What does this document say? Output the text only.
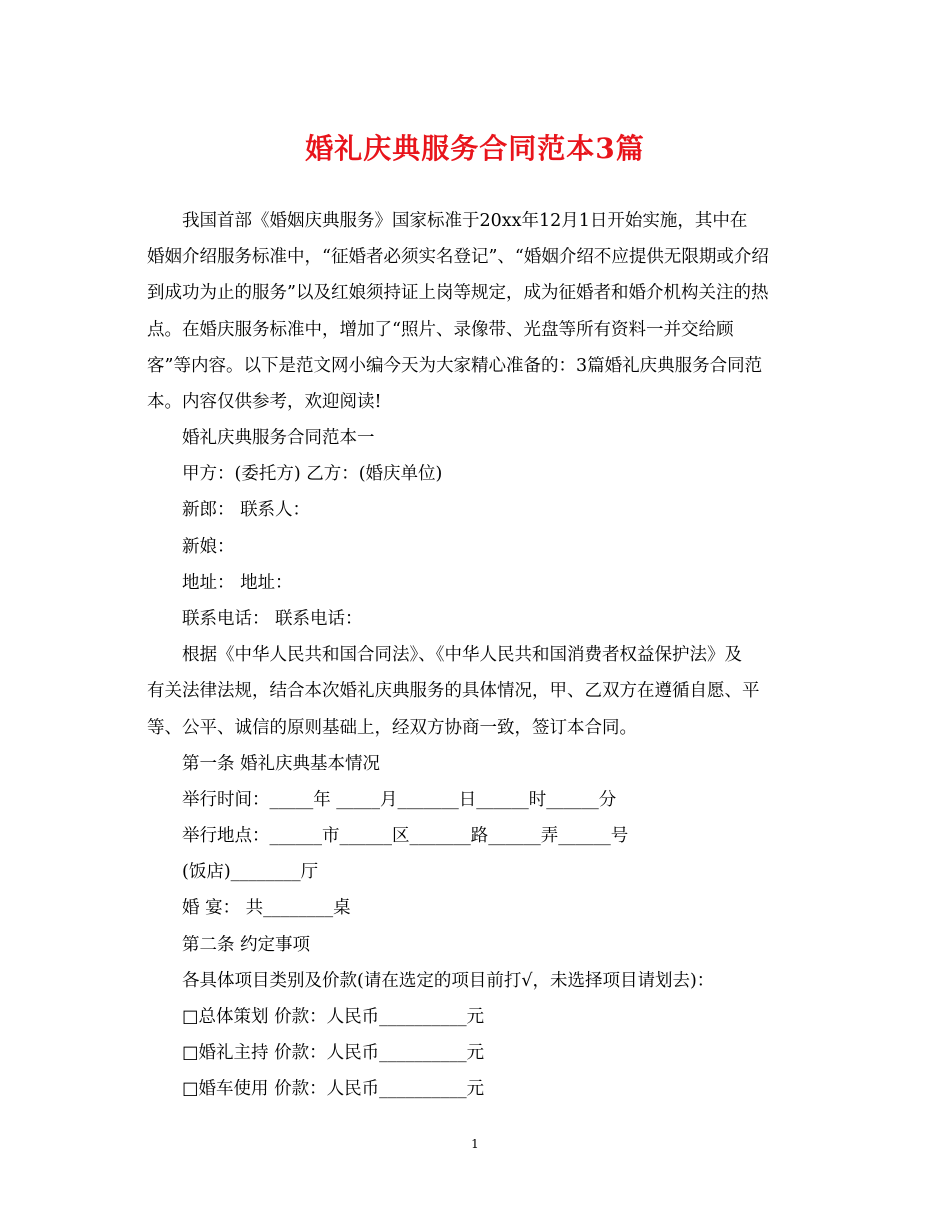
婚礼庆典服务合同范本3篇
我国首部《婚姻庆典服务》国家标准于20xx年12月1日开始实施，其中在
婚姻介绍服务标准中，“征婚者必须实名登记”、“婚姻介绍不应提供无限期或介绍
到成功为止的服务”以及红娘须持证上岗等规定，成为征婚者和婚介机构关注的热
点。在婚庆服务标准中，增加了“照片、录像带、光盘等所有资料一并交给顾
客”等内容。以下是范文网小编今天为大家精心准备的：3篇婚礼庆典服务合同范
本。内容仅供参考，欢迎阅读!
婚礼庆典服务合同范本一
甲方：(委托方) 乙方：(婚庆单位)
新郎： 联系人：
新娘：
地址： 地址：
联系电话： 联系电话：
根据《中华人民共和国合同法》、《中华人民共和国消费者权益保护法》及
有关法律法规，结合本次婚礼庆典服务的具体情况，甲、乙双方在遵循自愿、平
等、公平、诚信的原则基础上，经双方协商一致，签订本合同。
第一条 婚礼庆典基本情况
举行时间：_____年 _____月_______日______时______分
举行地点：______市______区_______路______弄______号
(饭店)________厅
婚 宴： 共________桌
第二条 约定事项
各具体项目类别及价款(请在选定的项目前打√，未选择项目请划去)：
□总体策划 价款：人民币__________元
□婚礼主持 价款：人民币__________元
□婚车使用 价款：人民币__________元
1
